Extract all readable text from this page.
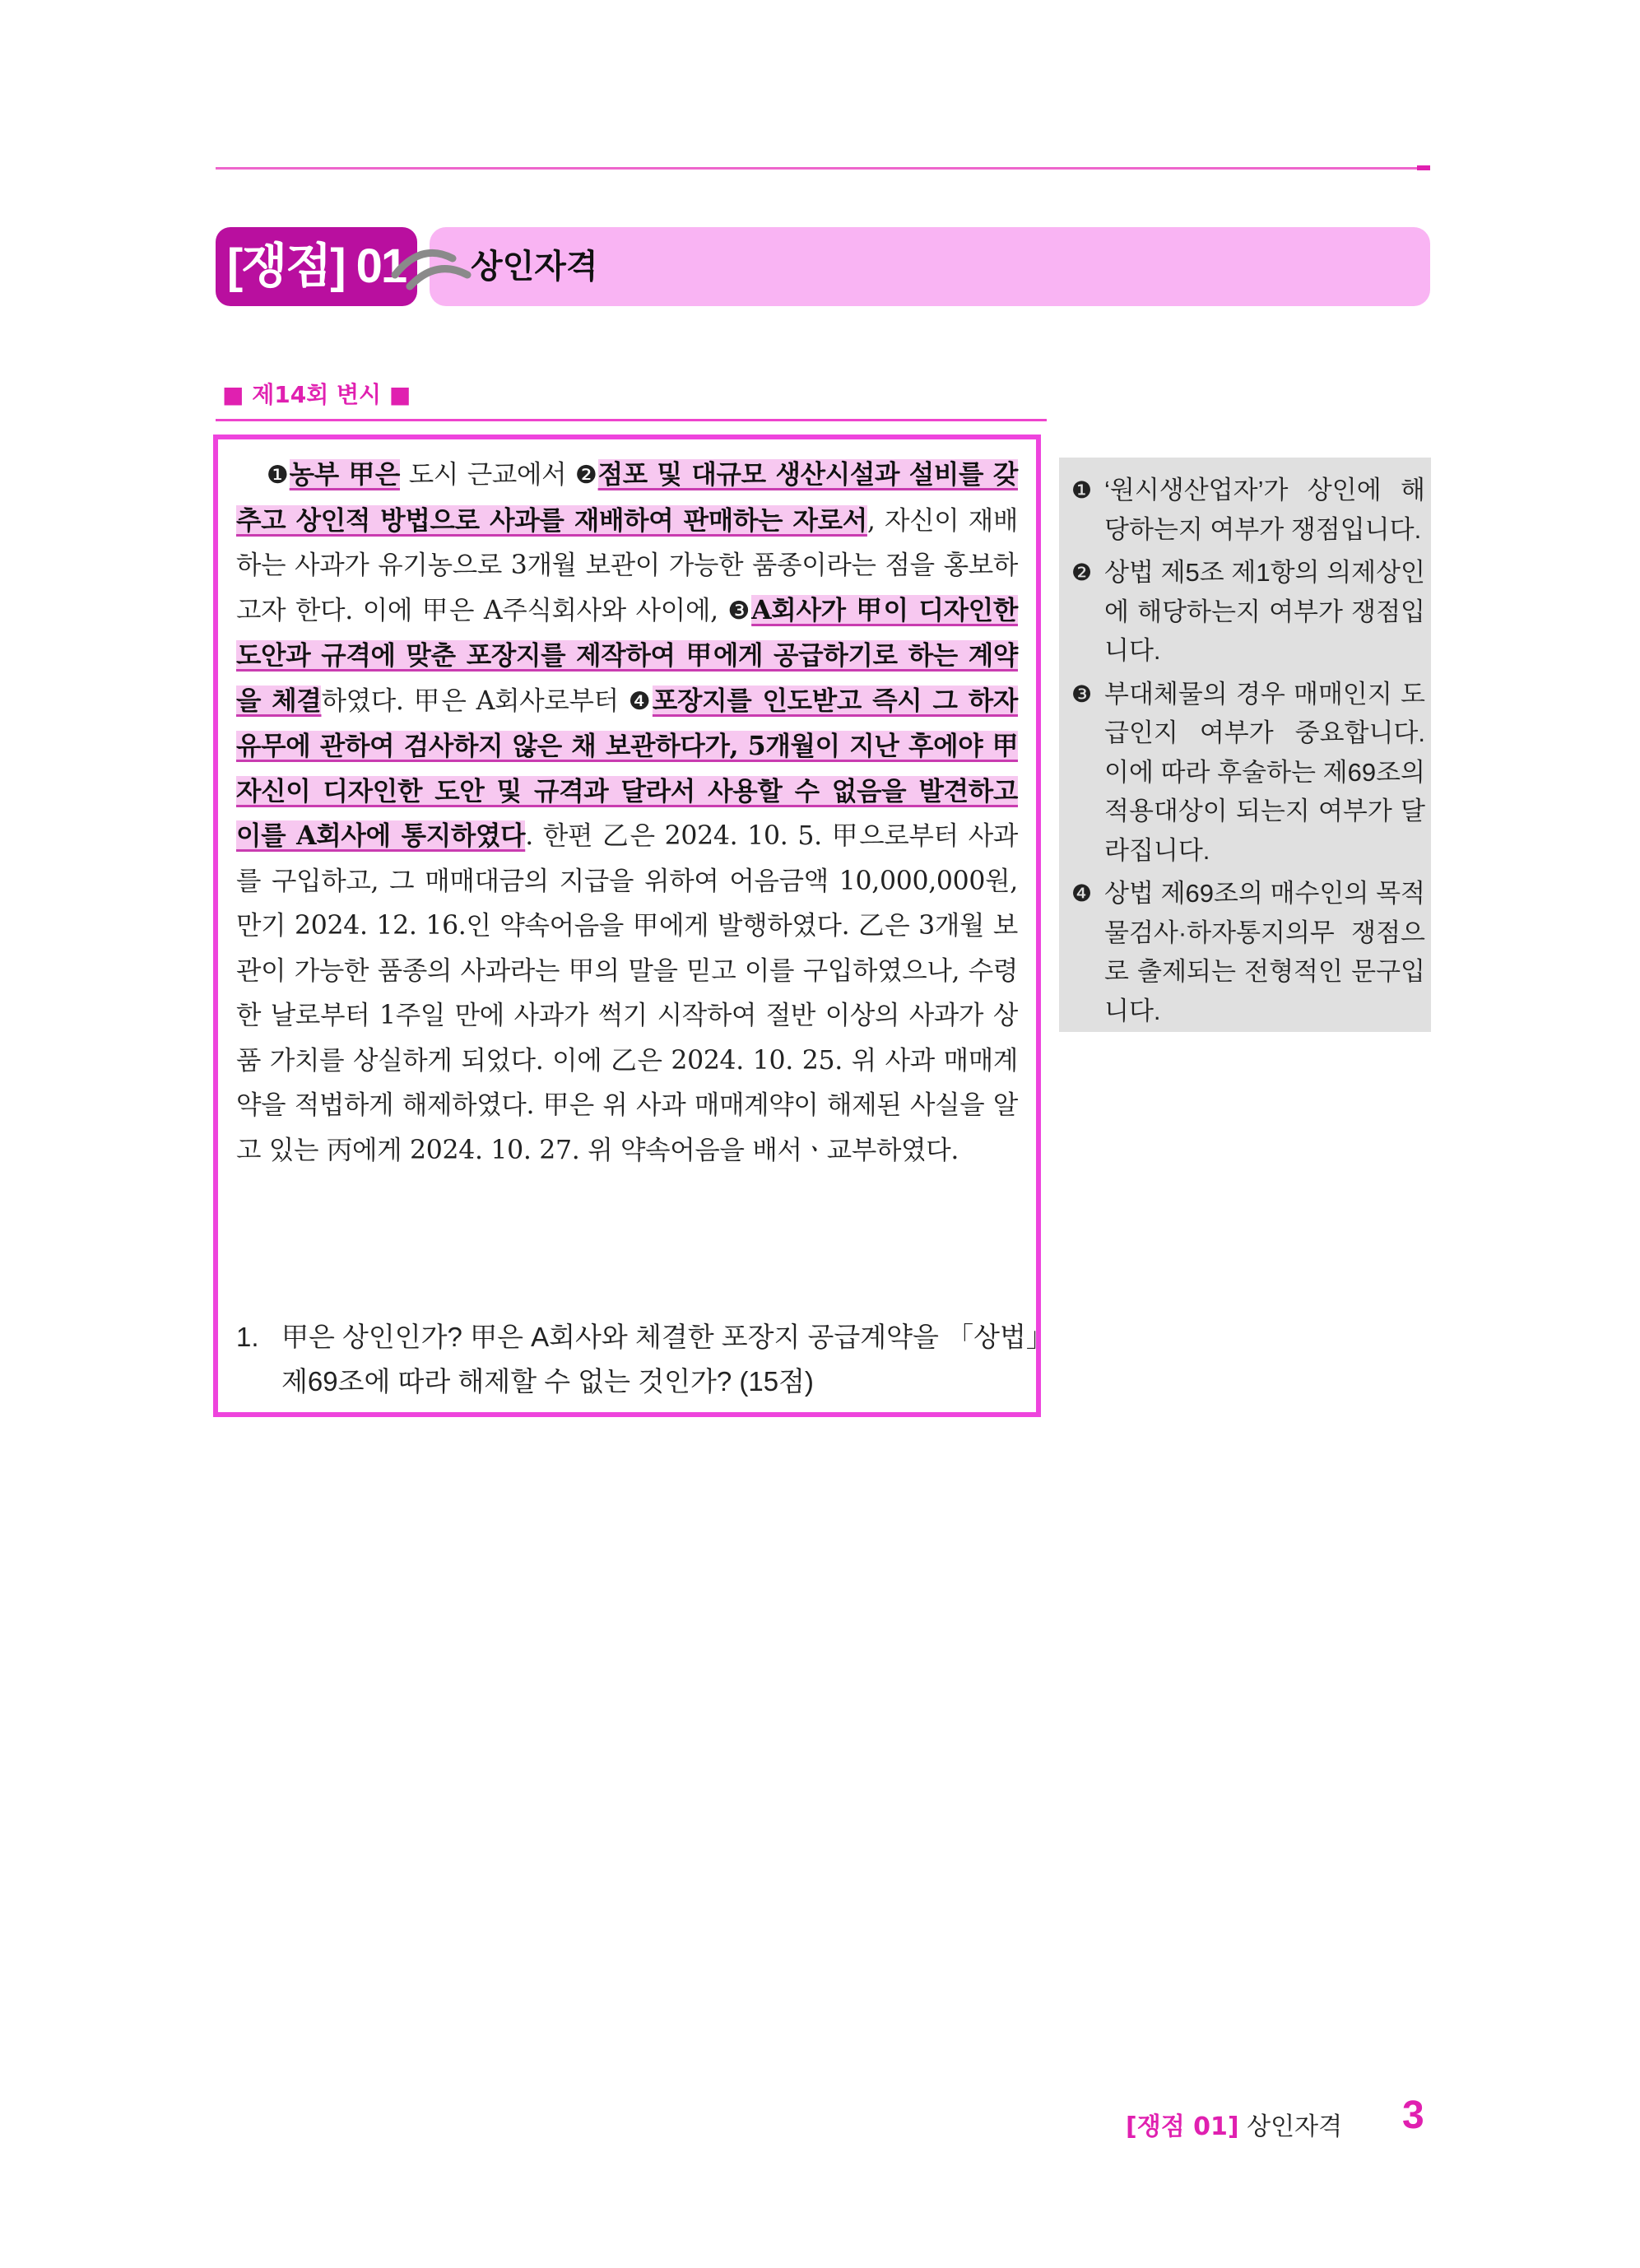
[쟁점] 01	상인자격
■ 제14회 변시 ■
❶농부 甲은 도시 근교에서 ❷점포 및 대규모 생산시설과 설비를 갖추고 상인적 방법으로 사과를 재배하여 판매하는 자로서, 자신이 재배하는 사과가 유기농으로 3개월 보관이 가능한 품종이라는 점을 홍보하고자 한다. 이에 甲은 A주식회사와 사이에, ❸A회사가 甲이 디자인한 도안과 규격에 맞춘 포장지를 제작하여 甲에게 공급하기로 하는 계약을 체결하였다. 甲은 A회사로부터 ❹포장지를 인도받고 즉시 그 하자 유무에 관하여 검사하지 않은 채 보관하다가, 5개월이 지난 후에야 甲 자신이 디자인한 도안 및 규격과 달라서 사용할 수 없음을 발견하고 이를 A회사에 통지하였다. 한편 乙은 2024. 10. 5. 甲으로부터 사과를 구입하고, 그 매매대금의 지급을 위하여 어음금액 10,000,000원, 만기 2024. 12. 16.인 약속어음을 甲에게 발행하였다. 乙은 3개월 보관이 가능한 품종의 사과라는 甲의 말을 믿고 이를 구입하였으나, 수령한 날로부터 1주일 만에 사과가 썩기 시작하여 절반 이상의 사과가 상품 가치를 상실하게 되었다. 이에 乙은 2024. 10. 25. 위 사과 매매계약을 적법하게 해제하였다. 甲은 위 사과 매매계약이 해제된 사실을 알고 있는 丙에게 2024. 10. 27. 위 약속어음을 배서ㆍ교부하였다.
1. 甲은 상인인가? 甲은 A회사와 체결한 포장지 공급계약을 「상법」
제69조에 따라 해제할 수 없는 것인가? (15점)
❶ ‘원시생산업자’가 상인에 해당하는지 여부가 쟁점입니다.
❷ 상법 제5조 제1항의 의제상인에 해당하는지 여부가 쟁점입니다.
❸ 부대체물의 경우 매매인지 도급인지 여부가 중요합니다. 이에 따라 후술하는 제69조의 적용대상이 되는지 여부가 달라집니다.
❹ 상법 제69조의 매수인의 목적물검사·하자통지의무 쟁점으로 출제되는 전형적인 문구입니다.
[쟁점 01] 상인자격 3
